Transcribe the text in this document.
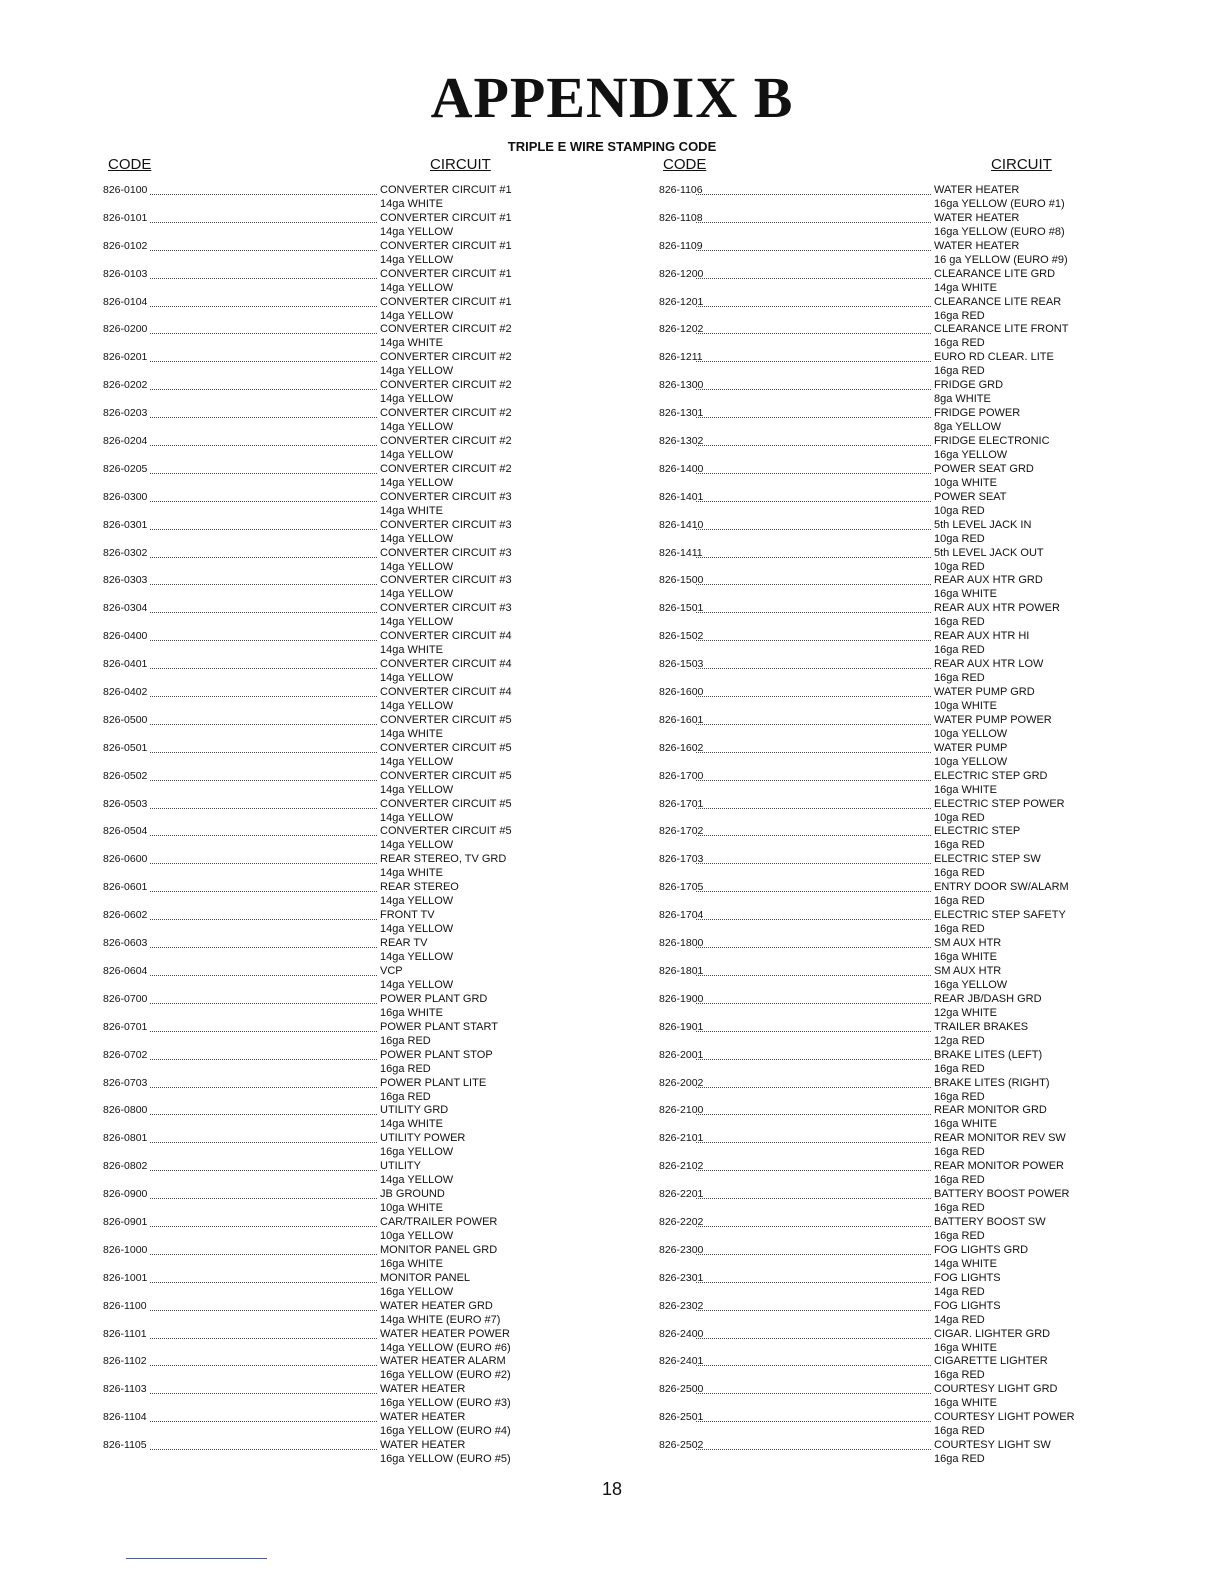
APPENDIX B
TRIPLE E WIRE STAMPING CODE
CODE	CIRCUIT	CODE	CIRCUIT
826-0100	CONVERTER CIRCUIT #1
14ga WHITE
826-0101	CONVERTER CIRCUIT #1
14ga YELLOW
826-0102	CONVERTER CIRCUIT #1
14ga YELLOW
826-0103	CONVERTER CIRCUIT #1
14ga YELLOW
826-0104	CONVERTER CIRCUIT #1
14ga YELLOW
826-0200	CONVERTER CIRCUIT #2
14ga WHITE
826-0201	CONVERTER CIRCUIT #2
14ga YELLOW
826-0202	CONVERTER CIRCUIT #2
14ga YELLOW
826-0203	CONVERTER CIRCUIT #2
14ga YELLOW
826-0204	CONVERTER CIRCUIT #2
14ga YELLOW
826-0205	CONVERTER CIRCUIT #2
14ga YELLOW
826-0300	CONVERTER CIRCUIT #3
14ga WHITE
826-0301	CONVERTER CIRCUIT #3
14ga YELLOW
826-0302	CONVERTER CIRCUIT #3
14ga YELLOW
826-0303	CONVERTER CIRCUIT #3
14ga YELLOW
826-0304	CONVERTER CIRCUIT #3
14ga YELLOW
826-0400	CONVERTER CIRCUIT #4
14ga WHITE
826-0401	CONVERTER CIRCUIT #4
14ga YELLOW
826-0402	CONVERTER CIRCUIT #4
14ga YELLOW
826-0500	CONVERTER CIRCUIT #5
14ga WHITE
826-0501	CONVERTER CIRCUIT #5
14ga YELLOW
826-0502	CONVERTER CIRCUIT #5
14ga YELLOW
826-0503	CONVERTER CIRCUIT #5
14ga YELLOW
826-0504	CONVERTER CIRCUIT #5
14ga YELLOW
826-0600	REAR STEREO, TV GRD
14ga WHITE
826-0601	REAR STEREO
14ga YELLOW
826-0602	FRONT TV
14ga YELLOW
826-0603	REAR TV
14ga YELLOW
826-0604	VCP
14ga YELLOW
826-0700	POWER PLANT GRD
16ga WHITE
826-0701	POWER PLANT START
16ga RED
826-0702	POWER PLANT STOP
16ga RED
826-0703	POWER PLANT LITE
16ga RED
826-0800	UTILITY GRD
14ga WHITE
826-0801	UTILITY POWER
16ga YELLOW
826-0802	UTILITY
14ga YELLOW
826-0900	JB GROUND
10ga WHITE
826-0901	CAR/TRAILER POWER
10ga YELLOW
826-1000	MONITOR PANEL GRD
16ga WHITE
826-1001	MONITOR PANEL
16ga YELLOW
826-1100	WATER HEATER GRD
14ga WHITE (EURO #7)
826-1101	WATER HEATER POWER
14ga YELLOW (EURO #6)
826-1102	WATER HEATER ALARM
16ga YELLOW (EURO #2)
826-1103	WATER HEATER
16ga YELLOW (EURO #3)
826-1104	WATER HEATER
16ga YELLOW (EURO #4)
826-1105	WATER HEATER
16ga YELLOW (EURO #5)
826-1106	WATER HEATER
16ga YELLOW (EURO #1)
826-1108	WATER HEATER
16ga YELLOW (EURO #8)
826-1109	WATER HEATER
16 ga YELLOW (EURO #9)
826-1200	CLEARANCE LITE GRD
14ga WHITE
826-1201	CLEARANCE LITE REAR
16ga RED
826-1202	CLEARANCE LITE FRONT
16ga RED
826-1211	EURO RD CLEAR. LITE
16ga RED
826-1300	FRIDGE GRD
8ga WHITE
826-1301	FRIDGE POWER
8ga YELLOW
826-1302	FRIDGE ELECTRONIC
16ga YELLOW
826-1400	POWER SEAT GRD
10ga WHITE
826-1401	POWER SEAT
10ga RED
826-1410	5th LEVEL JACK IN
10ga RED
826-1411	5th LEVEL JACK OUT
10ga RED
826-1500	REAR AUX HTR GRD
16ga WHITE
826-1501	REAR AUX HTR POWER
16ga RED
826-1502	REAR AUX HTR HI
16ga RED
826-1503	REAR AUX HTR LOW
16ga RED
826-1600	WATER PUMP GRD
10ga WHITE
826-1601	WATER PUMP POWER
10ga YELLOW
826-1602	WATER PUMP
10ga YELLOW
826-1700	ELECTRIC STEP GRD
16ga WHITE
826-1701	ELECTRIC STEP POWER
10ga RED
826-1702	ELECTRIC STEP
16ga RED
826-1703	ELECTRIC STEP SW
16ga RED
826-1705	ENTRY DOOR SW/ALARM
16ga RED
826-1704	ELECTRIC STEP SAFETY
16ga RED
826-1800	SM AUX HTR
16ga WHITE
826-1801	SM AUX HTR
16ga YELLOW
826-1900	REAR JB/DASH GRD
12ga WHITE
826-1901	TRAILER BRAKES
12ga RED
826-2001	BRAKE LITES (LEFT)
16ga RED
826-2002	BRAKE LITES (RIGHT)
16ga RED
826-2100	REAR MONITOR GRD
16ga WHITE
826-2101	REAR MONITOR REV SW
16ga RED
826-2102	REAR MONITOR POWER
16ga RED
826-2201	BATTERY BOOST POWER
16ga RED
826-2202	BATTERY BOOST SW
16ga RED
826-2300	FOG LIGHTS GRD
14ga WHITE
826-2301	FOG LIGHTS
14ga RED
826-2302	FOG LIGHTS
14ga RED
826-2400	CIGAR. LIGHTER GRD
16ga WHITE
826-2401	CIGARETTE LIGHTER
16ga RED
826-2500	COURTESY LIGHT GRD
16ga WHITE
826-2501	COURTESY LIGHT POWER
16ga RED
826-2502	COURTESY LIGHT SW
16ga RED
18
